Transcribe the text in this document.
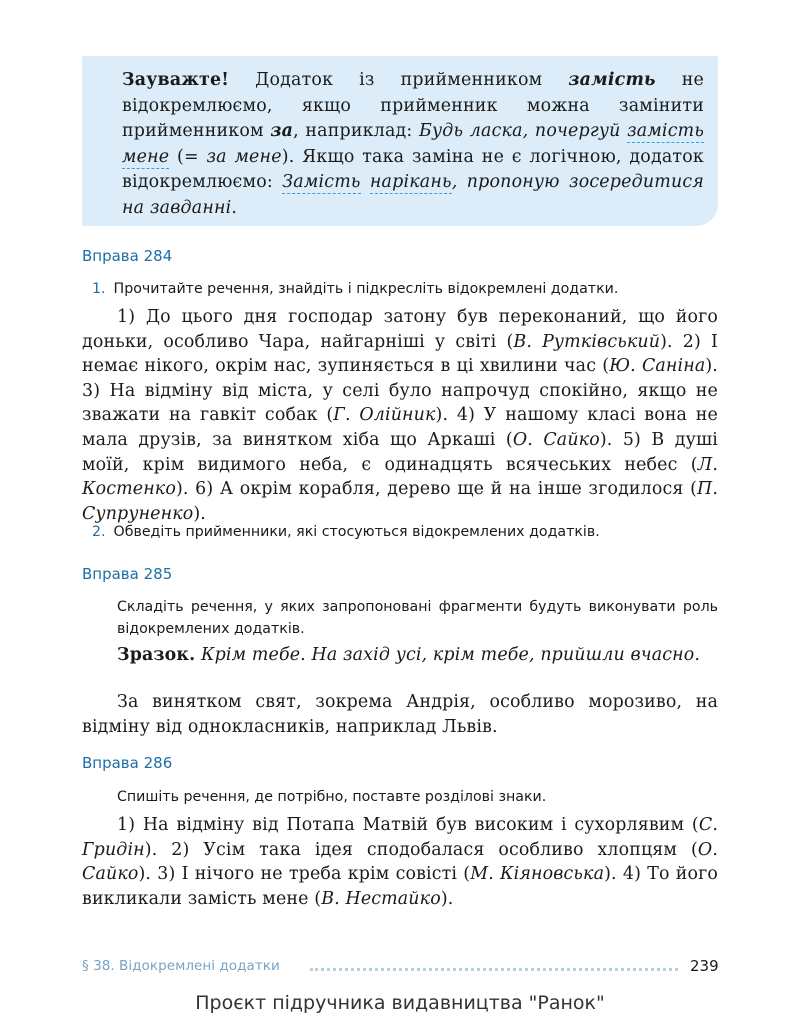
Зауважте! Додаток із прийменником замість не відокремлюємо, якщо прийменник можна замінити прийменником за, наприклад: Будь ласка, почергуй замість мене (= за мене). Якщо така заміна не є логічною, додаток відокремлюємо: Замість нарікань, пропоную зосередитися на завданні.

Вправа 284
1. Прочитайте речення, знайдіть і підкресліть відокремлені додатки.

1) До цього дня господар затону був переконаний, що його доньки, особливо Чара, найгарніші у світі (В. Рутківський). 2) І немає нікого, окрім нас, зупиняється в ці хвилини час (Ю. Саніна). 3) На відміну від міста, у селі було напрочуд спокійно, якщо не зважати на гавкіт собак (Г. Олійник). 4) У нашому класі вона не мала друзів, за винятком хіба що Аркаші (О. Сайко). 5) В душі моїй, крім видимого неба, є одинадцять всячеських небес (Л. Костенко). 6) А окрім корабля, дерево ще й на інше згодилося (П. Супруненко).

2. Обведіть прийменники, які стосуються відокремлених додатків.
Вправа 285
Складіть речення, у яких запропоновані фрагменти будуть виконувати роль відокремлених додатків.

Зразок. Крім тебе. На захід усі, крім тебе, прийшли вчасно.

За винятком свят, зокрема Андрія, особливо морозиво, на відміну від однокласників, наприклад Львів.

Вправа 286
Спишіть речення, де потрібно, поставте розділові знаки.

1) На відміну від Потапа Матвій був високим і сухорлявим (С. Гридін). 2) Усім така ідея сподобалася особливо хлопцям (О. Сайко). 3) І нічого не треба крім совісті (М. Кіяновська). 4) То його викликали замість мене (В. Нестайко).

§ 38. Відокремлені додатки	239
Проєкт підручника видавництва "Ранок"
